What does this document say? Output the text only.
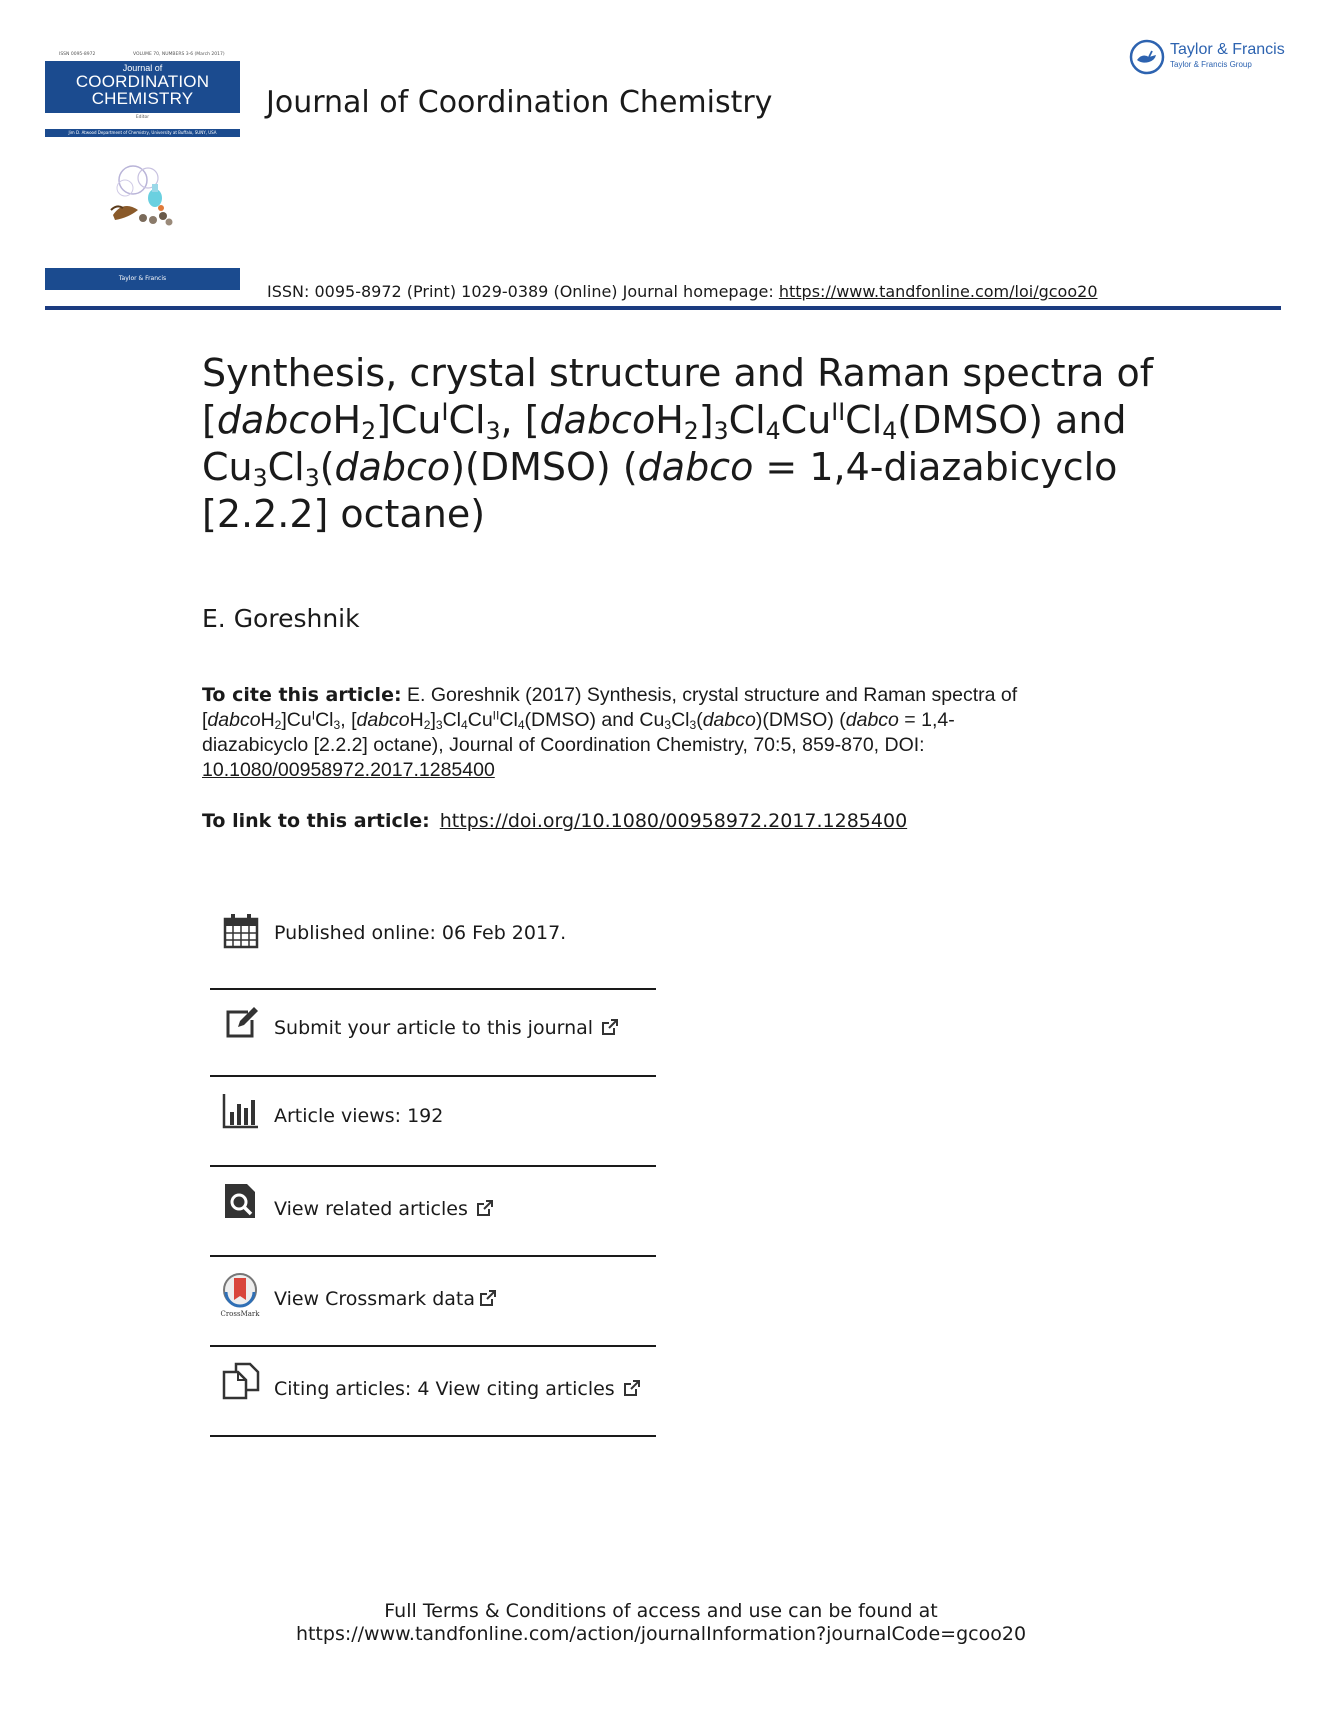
ISSN 0095-8972	VOLUME 70, NUMBERS 3-6 (March 2017)
Journal of
COORDINATION
CHEMISTRY
Editor
Jim D. Atwood Department of Chemistry, University at Buffalo, SUNY, USA
Taylor & Francis
Journal of Coordination Chemistry
Taylor & Francis
Taylor & Francis Group
ISSN: 0095-8972 (Print) 1029-0389 (Online) Journal homepage: https://www.tandfonline.com/loi/gcoo20
Synthesis, crystal structure and Raman spectra of
$[dabcoH_2]Cu^ICl_3$, $[dabcoH_2]_3Cl_4Cu^{II}Cl_4(DMSO)$ and
$Cu_3Cl_3(dabco)(DMSO)$ (dabco = 1,4-diazabicyclo
[2.2.2] octane)
E. Goreshnik
To cite this article: E. Goreshnik (2017) Synthesis, crystal structure and Raman spectra of $[dabcoH_2]Cu^ICl_3$, $[dabcoH_2]_3Cl_4Cu^{II}Cl_4(DMSO)$ and $Cu_3Cl_3(dabco)(DMSO)$ (dabco = 1,4-
diazabicyclo [2.2.2] octane), Journal of Coordination Chemistry, 70:5, 859-870, DOI:
10.1080/00958972.2017.1285400
To link to this article: https://doi.org/10.1080/00958972.2017.1285400
Published online: 06 Feb 2017.
Submit your article to this journal
Article views: 192
View related articles
CrossMark
View Crossmark data
Citing articles: 4 View citing articles
Full Terms & Conditions of access and use can be found at
https://www.tandfonline.com/action/journalInformation?journalCode=gcoo20
